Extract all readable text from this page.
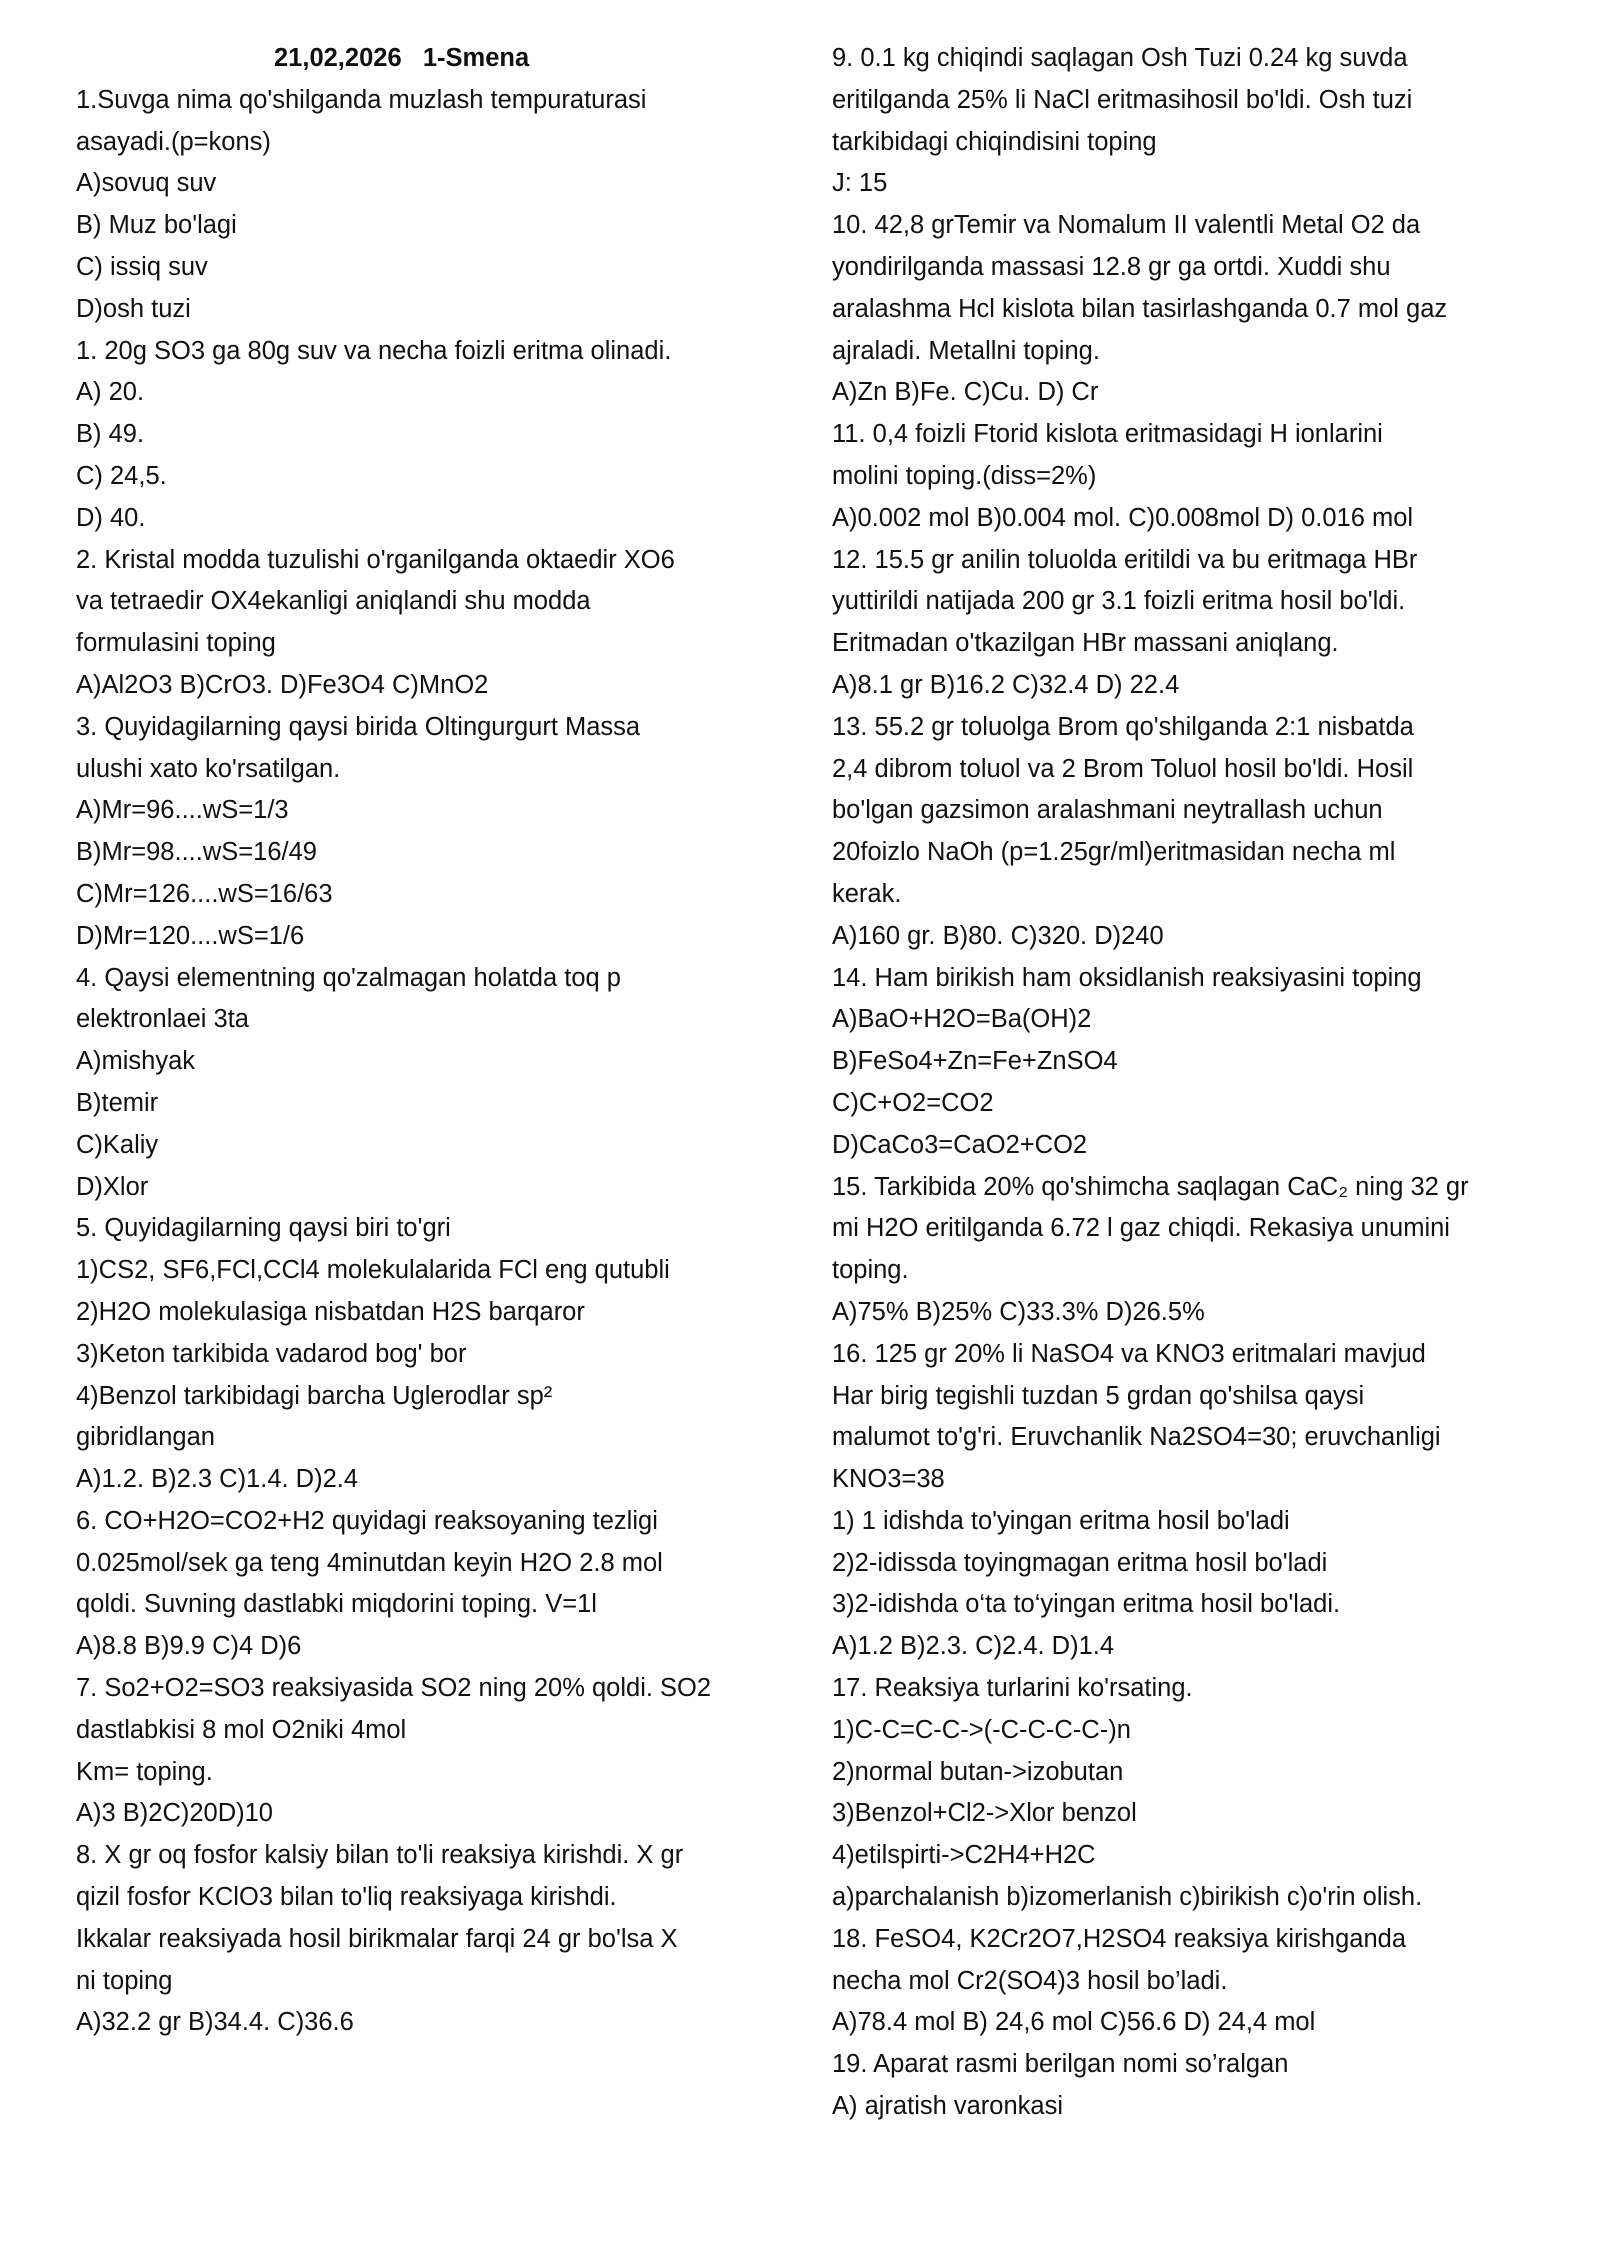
21,02,2026   1-Smena
1.Suvga nima qo'shilganda muzlash tempuraturasi
asayadi.(p=kons)
A)sovuq suv
B) Muz bo'lagi
C) issiq suv
D)osh tuzi
1. 20g SO3 ga 80g suv va necha foizli eritma olinadi.
A) 20.
B) 49.
C) 24,5.
D) 40.
2. Kristal modda tuzulishi o'rganilganda oktaedir XO6
va tetraedir OX4ekanligi aniqlandi shu modda
formulasini toping
A)Al2O3 B)CrO3. D)Fe3O4 C)MnO2
3. Quyidagilarning qaysi birida Oltingurgurt Massa
ulushi xato ko'rsatilgan.
A)Mr=96....wS=1/3
B)Mr=98....wS=16/49
C)Mr=126....wS=16/63
D)Mr=120....wS=1/6
4. Qaysi elementning qo'zalmagan holatda toq p
elektronlaei 3ta
A)mishyak
B)temir
C)Kaliy
D)Xlor
5. Quyidagilarning qaysi biri to'gri
1)CS2, SF6,FCl,CCl4 molekulalarida FCl eng qutubli
2)H2O molekulasiga nisbatdan H2S barqaror
3)Keton tarkibida vadarod bog' bor
4)Benzol tarkibidagi barcha Uglerodlar sp²
gibridlangan
A)1.2. B)2.3 C)1.4. D)2.4
6. CO+H2O=CO2+H2 quyidagi reaksoyaning tezligi
0.025mol/sek ga teng 4minutdan keyin H2O 2.8 mol
qoldi. Suvning dastlabki miqdorini toping. V=1l
A)8.8 B)9.9 C)4 D)6
7. So2+O2=SO3 reaksiyasida SO2 ning 20% qoldi. SO2
dastlabkisi 8 mol O2niki 4mol
Km= toping.
A)3 B)2C)20D)10
8. X gr oq fosfor kalsiy bilan to'li reaksiya kirishdi. X gr
qizil fosfor KClO3 bilan to'liq reaksiyaga kirishdi.
Ikkalar reaksiyada hosil birikmalar farqi 24 gr bo'lsa X
ni toping
A)32.2 gr B)34.4. C)36.6
9. 0.1 kg chiqindi saqlagan Osh Tuzi 0.24 kg suvda
eritilganda 25% li NaCl eritmasihosil bo'ldi. Osh tuzi
tarkibidagi chiqindisini toping
J: 15
10. 42,8 grTemir va Nomalum II valentli Metal O2 da
yondirilganda massasi 12.8 gr ga ortdi. Xuddi shu
aralashma Hcl kislota bilan tasirlashganda 0.7 mol gaz
ajraladi. Metallni toping.
A)Zn B)Fe. C)Cu. D) Cr
11. 0,4 foizli Ftorid kislota eritmasidagi H ionlarini
molini toping.(diss=2%)
A)0.002 mol B)0.004 mol. C)0.008mol D) 0.016 mol
12. 15.5 gr anilin toluolda eritildi va bu eritmaga HBr
yuttirildi natijada 200 gr 3.1 foizli eritma hosil bo'ldi.
Eritmadan o'tkazilgan HBr massani aniqlang.
A)8.1 gr B)16.2 C)32.4 D) 22.4
13. 55.2 gr toluolga Brom qo'shilganda 2:1 nisbatda
2,4 dibrom toluol va 2 Brom Toluol hosil bo'ldi. Hosil
bo'lgan gazsimon aralashmani neytrallash uchun
20foizlo NaOh (p=1.25gr/ml)eritmasidan necha ml
kerak.
A)160 gr. B)80. C)320. D)240
14. Ham birikish ham oksidlanish reaksiyasini toping
A)BaO+H2O=Ba(OH)2
B)FeSo4+Zn=Fe+ZnSO4
C)C+O2=CO2
D)CaCo3=CaO2+CO2
15. Tarkibida 20% qo'shimcha saqlagan CaC₂ ning 32 gr
mi H2O eritilganda 6.72 l gaz chiqdi. Rekasiya unumini
toping.
A)75% B)25% C)33.3% D)26.5%
16. 125 gr 20% li NaSO4 va KNO3 eritmalari mavjud
Har birig tegishli tuzdan 5 grdan qo'shilsa qaysi
malumot to'g'ri. Eruvchanlik Na2SO4=30; eruvchanligi
KNO3=38
1) 1 idishda to'yingan eritma hosil bo'ladi
2)2-idissda toyingmagan eritma hosil bo'ladi
3)2-idishda o‘ta to‘yingan eritma hosil bo'ladi.
A)1.2 B)2.3. C)2.4. D)1.4
17. Reaksiya turlarini ko'rsating.
1)C-C=C-C->(-C-C-C-C-)n
2)normal butan->izobutan
3)Benzol+Cl2->Xlor benzol
4)etilspirti->C2H4+H2C
a)parchalanish b)izomerlanish c)birikish c)o'rin olish.
18. FeSO4, K2Cr2O7,H2SO4 reaksiya kirishganda
necha mol Cr2(SO4)3 hosil bo’ladi.
A)78.4 mol B) 24,6 mol C)56.6 D) 24,4 mol
19. Aparat rasmi berilgan nomi so’ralgan
A) ajratish varonkasi
